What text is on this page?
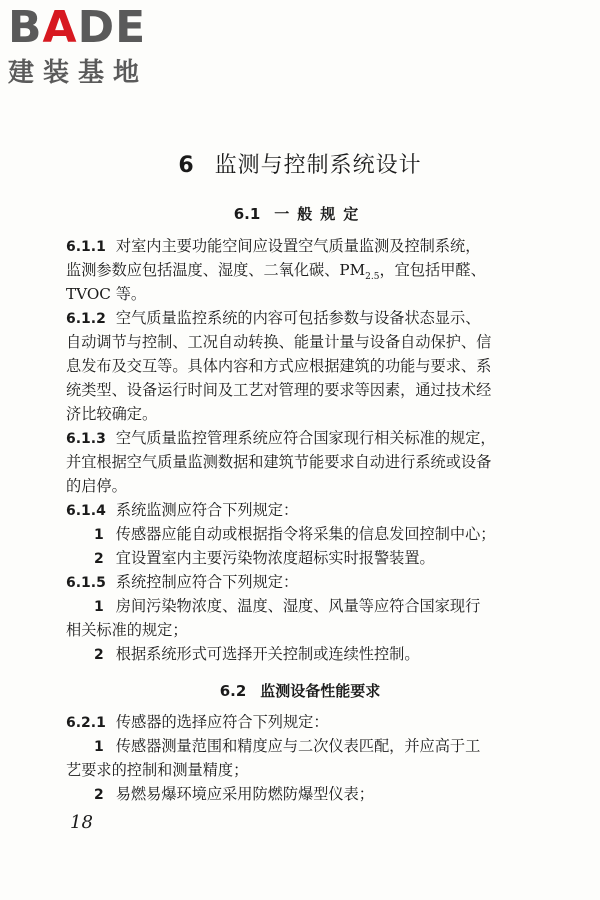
B A DE
建装基地
6 监测与控制系统设计
6.1 一般规定
6.1.1 对室内主要功能空间应设置空气质量监测及控制系统，
监测参数应包括温度、湿度、二氧化碳、$PM_{2.5}$，宜包括甲醛、
TVOC 等。
6.1.2 空气质量监控系统的内容可包括参数与设备状态显示、
自动调节与控制、工况自动转换、能量计量与设备自动保护、信
息发布及交互等。具体内容和方式应根据建筑的功能与要求、系
统类型、设备运行时间及工艺对管理的要求等因素，通过技术经
济比较确定。
6.1.3 空气质量监控管理系统应符合国家现行相关标准的规定，
并宜根据空气质量监测数据和建筑节能要求自动进行系统或设备
的启停。
6.1.4 系统监测应符合下列规定：
1 传感器应能自动或根据指令将采集的信息发回控制中心；
2 宜设置室内主要污染物浓度超标实时报警装置。
6.1.5 系统控制应符合下列规定：
1 房间污染物浓度、温度、湿度、风量等应符合国家现行
相关标准的规定；
2 根据系统形式可选择开关控制或连续性控制。
6.2 监测设备性能要求
6.2.1 传感器的选择应符合下列规定：
1 传感器测量范围和精度应与二次仪表匹配，并应高于工
艺要求的控制和测量精度；
2 易燃易爆环境应采用防燃防爆型仪表；
18
